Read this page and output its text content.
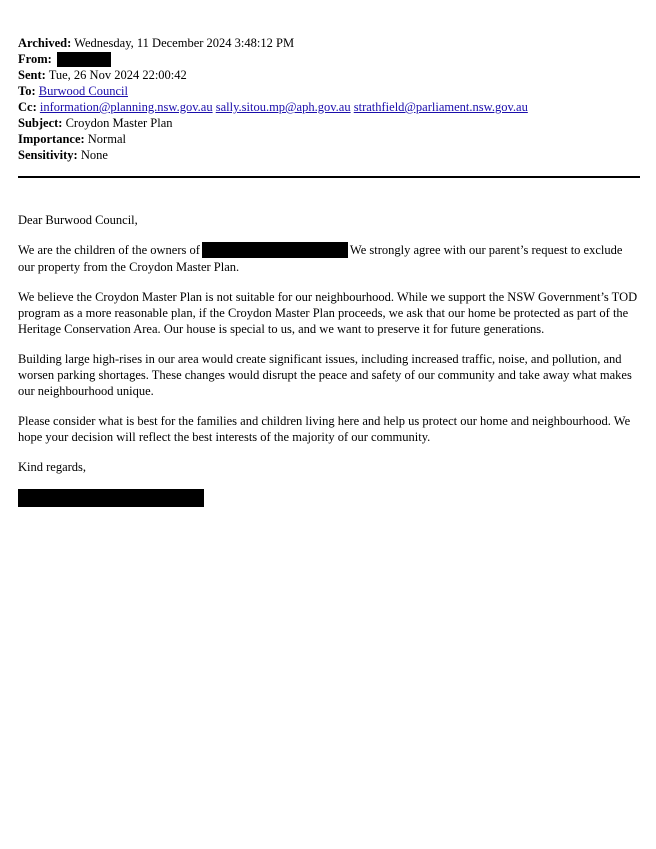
Archived: Wednesday, 11 December 2024 3:48:12 PM
From:
Sent: Tue, 26 Nov 2024 22:00:42
To: Burwood Council
Cc: information@planning.nsw.gov.au sally.sitou.mp@aph.gov.au strathfield@parliament.nsw.gov.au
Subject: Croydon Master Plan
Importance: Normal
Sensitivity: None

Dear Burwood Council,

We are the children of the owners of	We strongly agree with our parent’s request to exclude our property from the Croydon Master Plan.

We believe the Croydon Master Plan is not suitable for our neighbourhood. While we support the NSW Government’s TOD program as a more reasonable plan, if the Croydon Master Plan proceeds, we ask that our home be protected as part of the Heritage Conservation Area. Our house is special to us, and we want to preserve it for future generations.

Building large high-rises in our area would create significant issues, including increased traffic, noise, and pollution, and worsen parking shortages. These changes would disrupt the peace and safety of our community and take away what makes our neighbourhood unique.

Please consider what is best for the families and children living here and help us protect our home and neighbourhood. We hope your decision will reflect the best interests of the majority of our community.

Kind regards,
